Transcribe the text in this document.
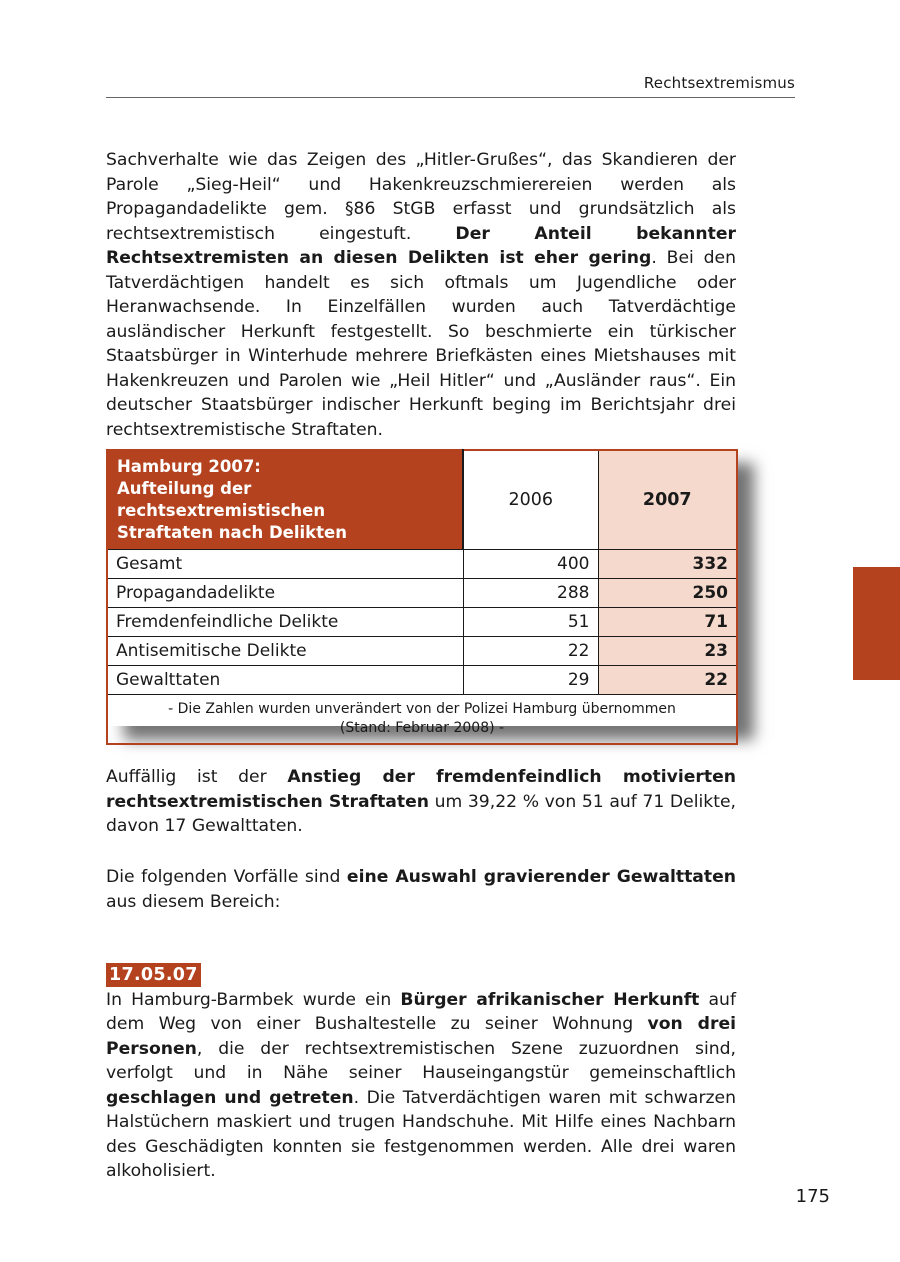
Rechtsextremismus
Sachverhalte wie das Zeigen des „Hitler-Grußes“, das Skandieren der Parole „Sieg-Heil“ und Hakenkreuzschmierereien werden als Propagandadelikte gem. §86 StGB erfasst und grundsätzlich als rechtsextremistisch eingestuft. Der Anteil bekannter Rechtsextremisten an diesen Delikten ist eher gering. Bei den Tatverdächtigen handelt es sich oftmals um Jugendliche oder Heranwachsende. In Einzelfällen wurden auch Tatverdächtige ausländischer Herkunft festgestellt. So beschmierte ein türkischer Staatsbürger in Winterhude mehrere Briefkästen eines Mietshauses mit Hakenkreuzen und Parolen wie „Heil Hitler“ und „Ausländer raus“. Ein deutscher Staatsbürger indischer Herkunft beging im Berichtsjahr drei rechtsextremistische Straftaten.
Hamburg 2007:
Aufteilung der rechtsextremistischen
Straftaten nach Delikten	2006	2007
Gesamt	400	332
Propagandadelikte	288	250
Fremdenfeindliche Delikte	51	71
Antisemitische Delikte	22	23
Gewalttaten	29	22

- Die Zahlen wurden unverändert von der Polizei Hamburg übernommen
(Stand: Februar 2008) -		
Auffällig ist der Anstieg der fremdenfeindlich motivierten rechtsextremistischen Straftaten um 39,22 % von 51 auf 71 Delikte, davon 17 Gewalttaten.
Die folgenden Vorfälle sind eine Auswahl gravierender Gewalttaten aus diesem Bereich:
17.05.07
In Hamburg-Barmbek wurde ein Bürger afrikanischer Herkunft auf dem Weg von einer Bushaltestelle zu seiner Wohnung von drei Personen, die der rechtsextremistischen Szene zuzuordnen sind, verfolgt und in Nähe seiner Hauseingangstür gemeinschaftlich geschlagen und getreten. Die Tatverdächtigen waren mit schwarzen Halstüchern maskiert und trugen Handschuhe. Mit Hilfe eines Nachbarn des Geschädigten konnten sie festgenommen werden. Alle drei waren alkoholisiert.
175
